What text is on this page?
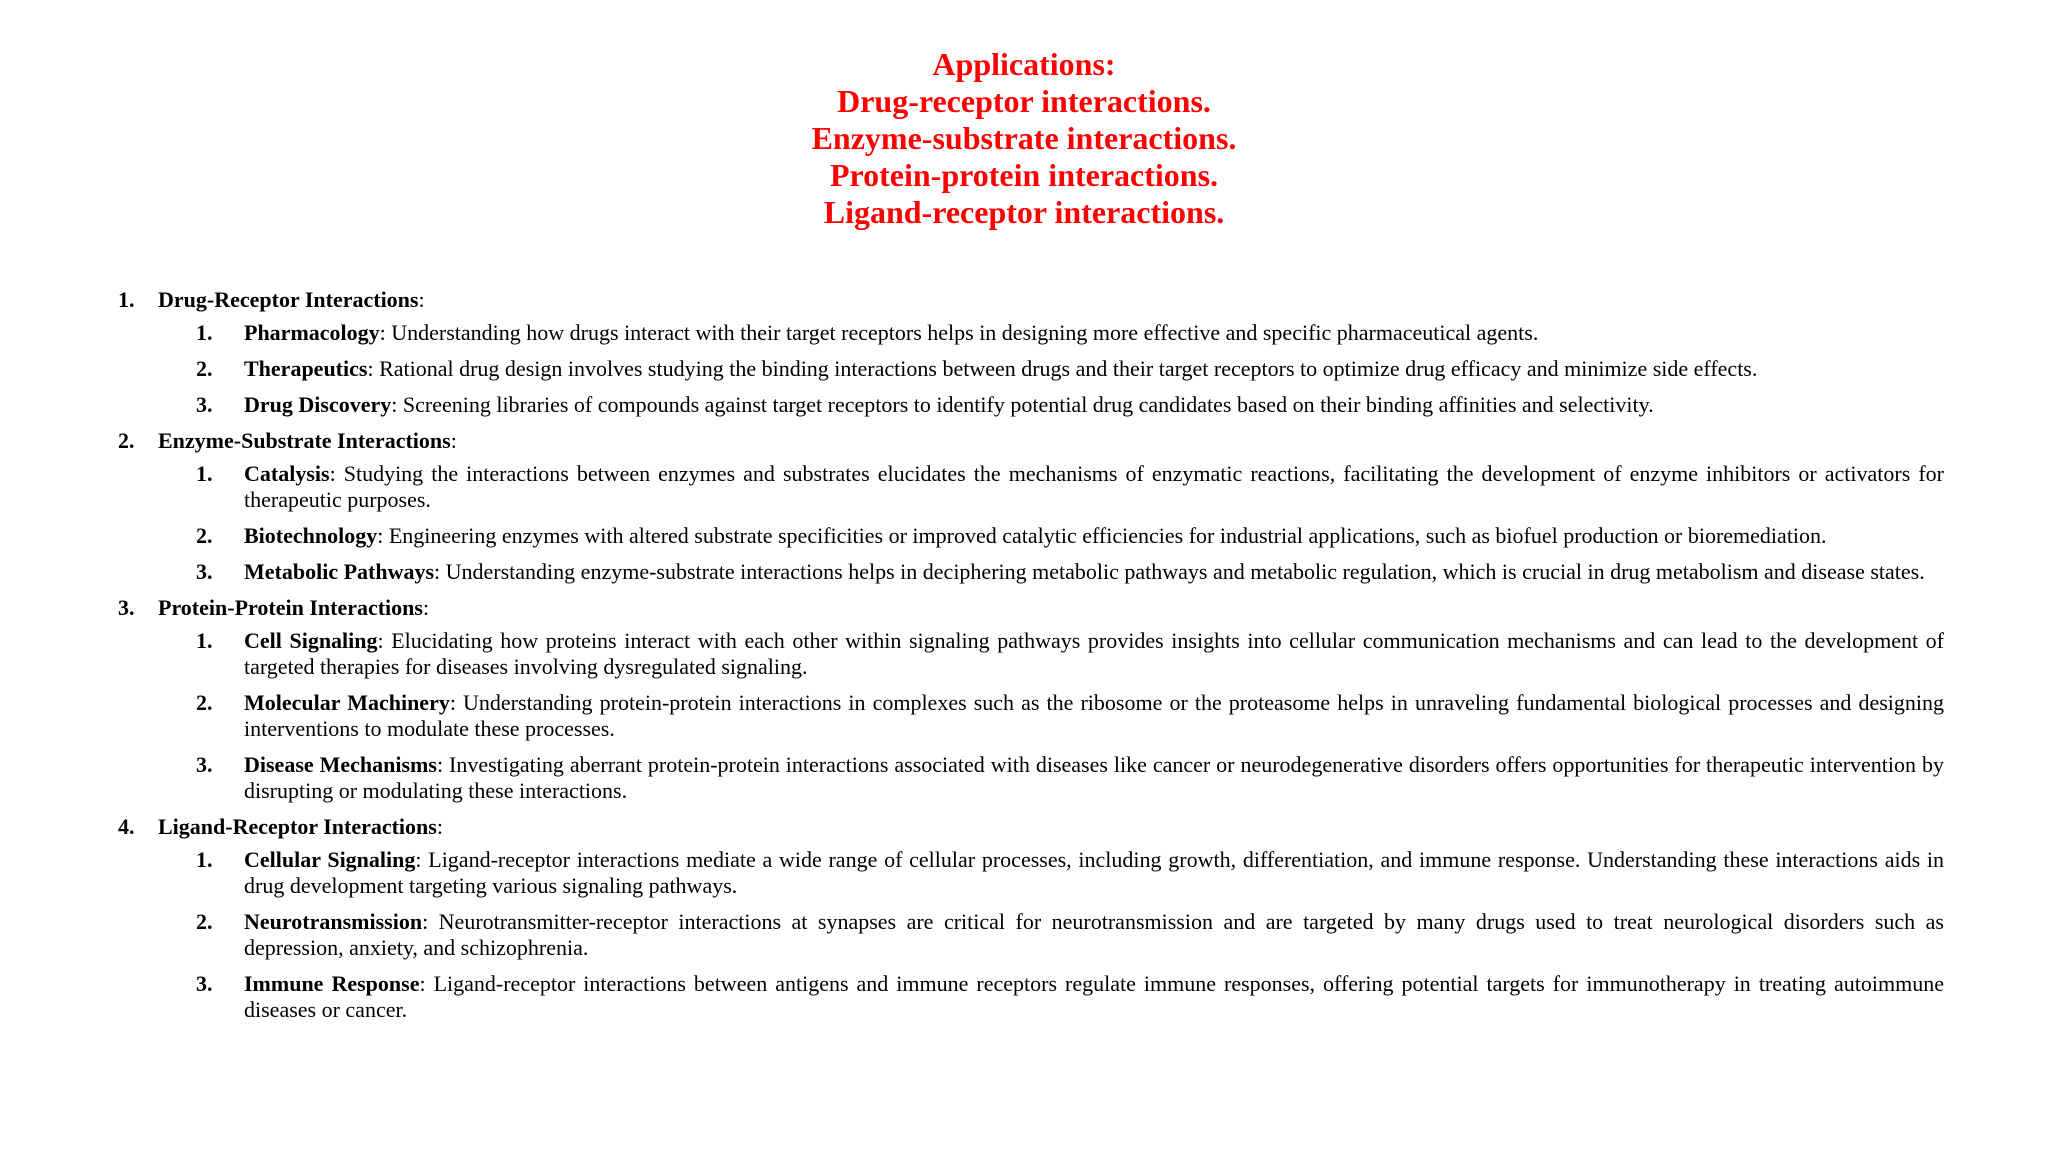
Applications:
Drug-receptor interactions.
Enzyme-substrate interactions.
Protein-protein interactions.
Ligand-receptor interactions.
1.	Drug-Receptor Interactions:
1.	Pharmacology: Understanding how drugs interact with their target receptors helps in designing more effective and specific pharmaceutical agents.
2.	Therapeutics: Rational drug design involves studying the binding interactions between drugs and their target receptors to optimize drug efficacy and minimize side effects.
3.	Drug Discovery: Screening libraries of compounds against target receptors to identify potential drug candidates based on their binding affinities and selectivity.
2.	Enzyme-Substrate Interactions:
1.	Catalysis: Studying the interactions between enzymes and substrates elucidates the mechanisms of enzymatic reactions, facilitating the development of enzyme inhibitors or activators for therapeutic purposes.
2.	Biotechnology: Engineering enzymes with altered substrate specificities or improved catalytic efficiencies for industrial applications, such as biofuel production or bioremediation.
3.	Metabolic Pathways: Understanding enzyme-substrate interactions helps in deciphering metabolic pathways and metabolic regulation, which is crucial in drug metabolism and disease states.
3.	Protein-Protein Interactions:
1.	Cell Signaling: Elucidating how proteins interact with each other within signaling pathways provides insights into cellular communication mechanisms and can lead to the development of targeted therapies for diseases involving dysregulated signaling.
2.	Molecular Machinery: Understanding protein-protein interactions in complexes such as the ribosome or the proteasome helps in unraveling fundamental biological processes and designing interventions to modulate these processes.
3.	Disease Mechanisms: Investigating aberrant protein-protein interactions associated with diseases like cancer or neurodegenerative disorders offers opportunities for therapeutic intervention by disrupting or modulating these interactions.
4.	Ligand-Receptor Interactions:
1.	Cellular Signaling: Ligand-receptor interactions mediate a wide range of cellular processes, including growth, differentiation, and immune response. Understanding these interactions aids in drug development targeting various signaling pathways.
2.	Neurotransmission: Neurotransmitter-receptor interactions at synapses are critical for neurotransmission and are targeted by many drugs used to treat neurological disorders such as depression, anxiety, and schizophrenia.
3.	Immune Response: Ligand-receptor interactions between antigens and immune receptors regulate immune responses, offering potential targets for immunotherapy in treating autoimmune diseases or cancer.
